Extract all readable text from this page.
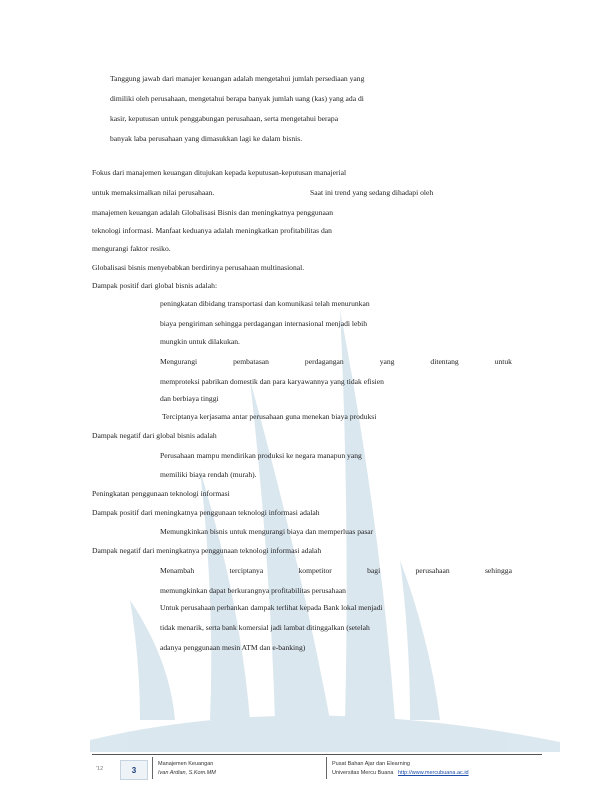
Tanggung jawab dari manajer keuangan adalah mengetahui jumlah persediaan yang
dimiliki oleh perusahaan, mengetahui berapa banyak jumlah uang (kas) yang ada di
kasir, keputusan untuk penggabungan perusahaan, serta mengetahui berapa
banyak laba perusahaan yang dimasukkan lagi ke dalam bisnis.
Fokus dari manajemen keuangan ditujukan kepada keputusan-keputusan manajerial
untuk memaksimalkan nilai perusahaan.	Saat ini trend yang sedang dihadapi oleh
manajemen keuangan adalah Globalisasi Bisnis dan meningkatnya penggunaan
teknologi informasi. Manfaat keduanya adalah meningkatkan profitabilitas dan
mengurangi faktor resiko.
Globalisasi bisnis menyebabkan berdirinya perusahaan multinasional.
Dampak positif dari global bisnis adalah:
peningkatan dibidang transportasi dan komunikasi telah menurunkan
biaya pengiriman sehingga perdagangan internasional menjadi lebih
mungkin untuk dilakukan.
Mengurangi	pembatasan	perdagangan	yang	ditentang	untuk
memproteksi pabrikan domestik dan para karyawannya yang tidak efisien
dan berbiaya tinggi
Terciptanya kerjasama antar perusahaan guna menekan biaya produksi
Dampak negatif dari global bisnis adalah
Perusahaan mampu mendirikan produksi ke negara manapun yang
memiliki biaya rendah (murah).
Peningkatan penggunaan teknologi informasi
Dampak positif dari meningkatnya penggunaan teknologi informasi adalah
Memungkinkan bisnis untuk mengurangi biaya dan memperluas pasar
Dampak negatif dari meningkatnya penggunaan teknologi informasi adalah
Menambah	terciptanya	kompetitor	bagi	perusahaan	sehingga
memungkinkan dapat berkurangnya profitabilitas perusahaan
Untuk perusahaan perbankan dampak terlihat kepada Bank lokal menjadi
tidak menarik, serta bank komersial jadi lambat ditinggalkan (setelah
adanya penggunaan mesin ATM dan e-banking)
'12	3
Manajemen Keuangan
Ivan Ardian, S.Kom.MM
Pusat Bahan Ajar dan Elearning
Universitas Mercu Buana http://www.mercubuana.ac.id
